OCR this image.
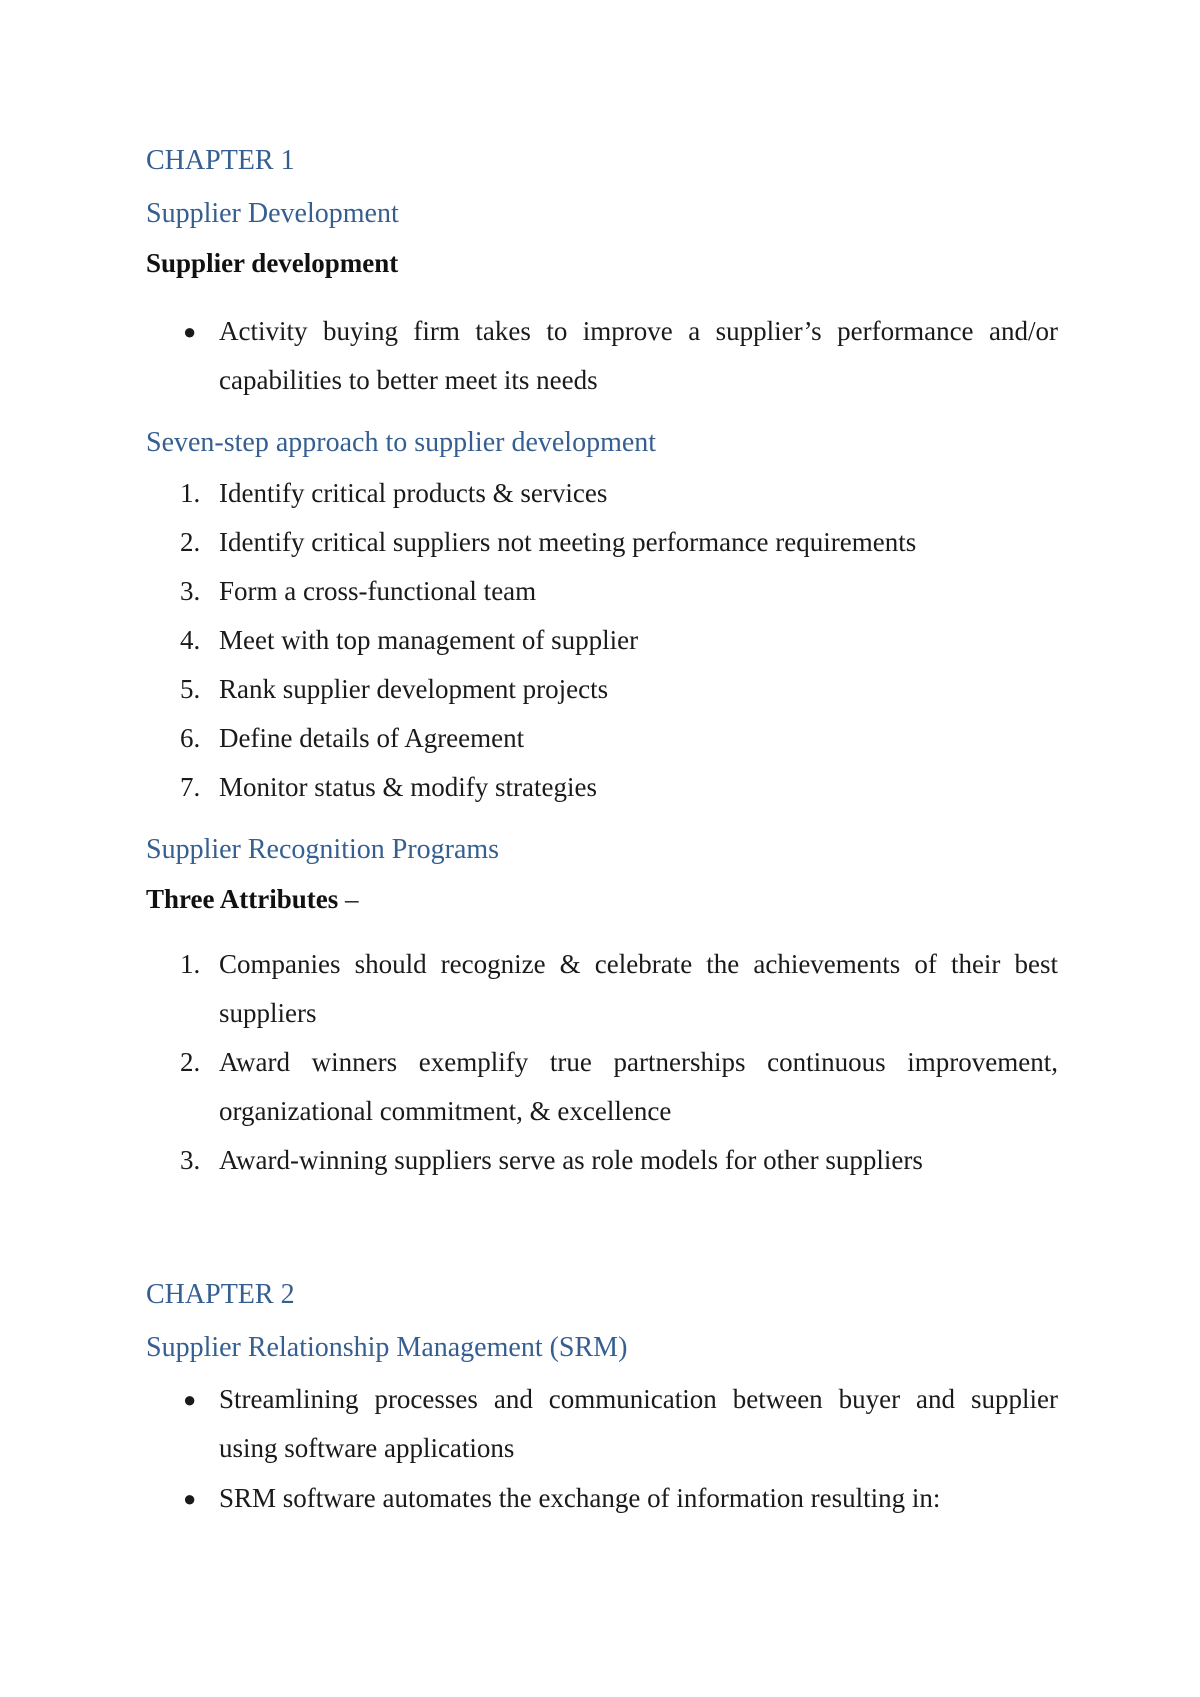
CHAPTER 1
Supplier Development
Supplier development
● Activity buying firm takes to improve a supplier’s performance and/or capabilities to better meet its needs
Seven-step approach to supplier development
1. Identify critical products & services
2. Identify critical suppliers not meeting performance requirements
3. Form a cross-functional team
4. Meet with top management of supplier
5. Rank supplier development projects
6. Define details of Agreement
7. Monitor status & modify strategies
Supplier Recognition Programs
Three Attributes –
1. Companies should recognize & celebrate the achievements of their best suppliers
2. Award winners exemplify true partnerships continuous improvement, organizational commitment, & excellence
3. Award-winning suppliers serve as role models for other suppliers
CHAPTER 2
Supplier Relationship Management (SRM)
● Streamlining processes and communication between buyer and supplier using software applications
● SRM software automates the exchange of information resulting in:
